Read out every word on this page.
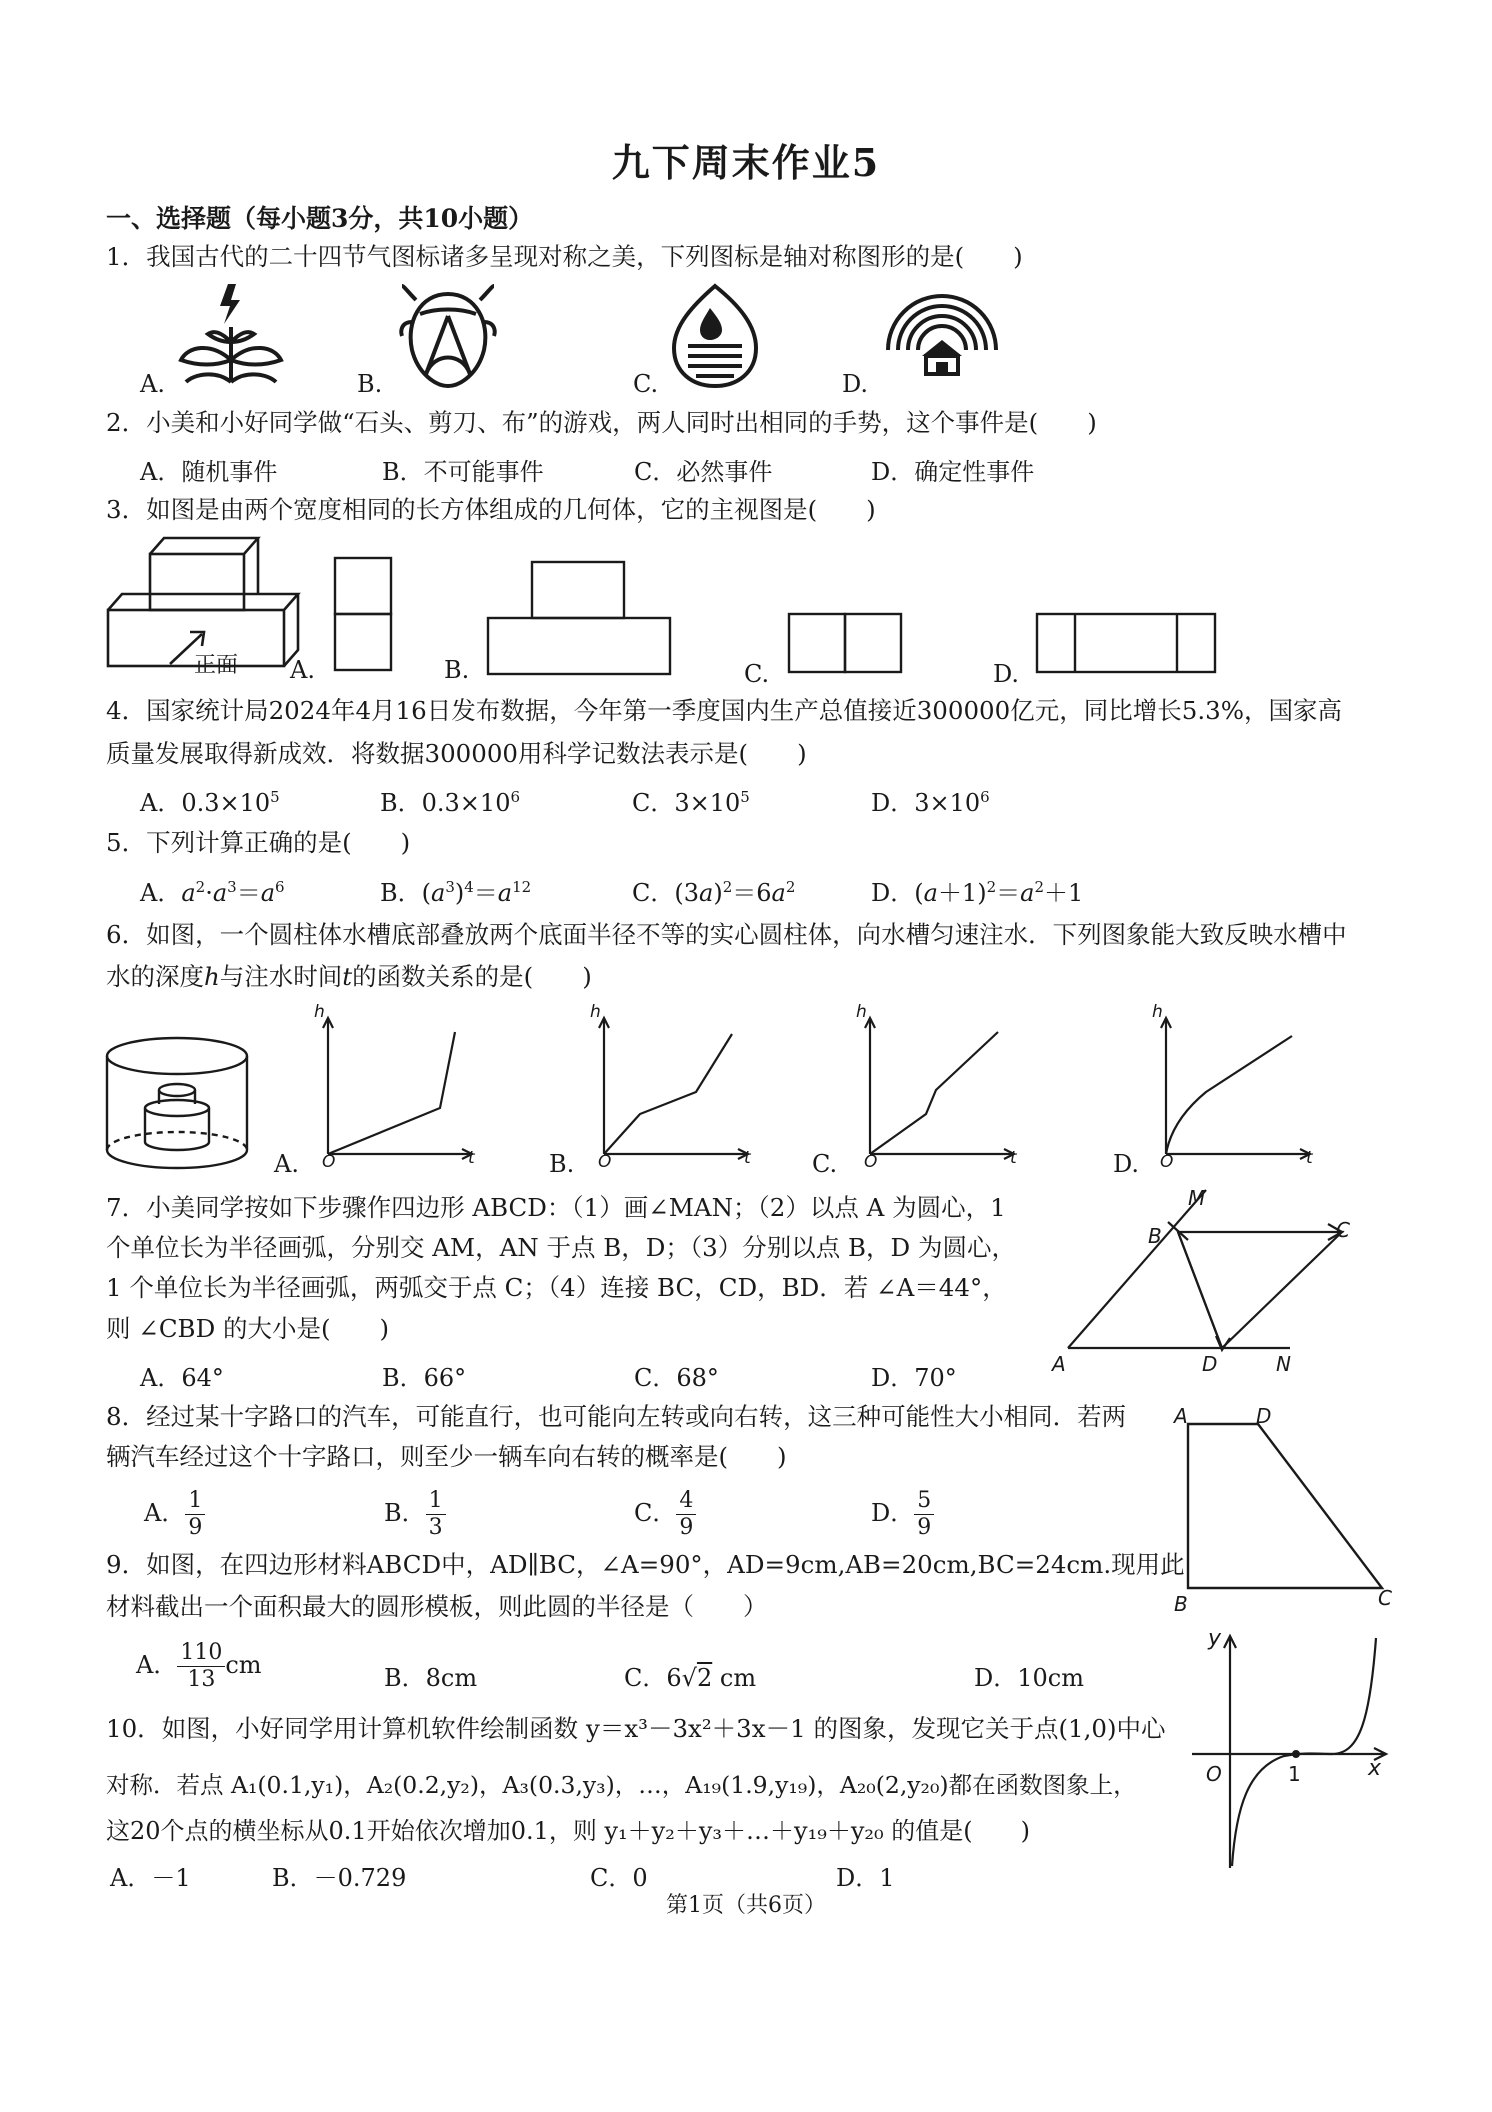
九下周末作业5
一、选择题（每小题3分，共10小题）
1．我国古代的二十四节气图标诸多呈现对称之美，下列图标是轴对称图形的是(　　)
A.	B.	C.	D.
2．小美和小好同学做“石头、剪刀、布”的游戏，两人同时出相同的手势，这个事件是(　　)
A．随机事件	B．不可能事件	C．必然事件	D．确定性事件
3．如图是由两个宽度相同的长方体组成的几何体，它的主视图是(　　)
正面 A.	B.	C.	D.
4．国家统计局2024年4月16日发布数据，今年第一季度国内生产总值接近300000亿元，同比增长5.3%，国家高
质量发展取得新成效．将数据300000用科学记数法表示是(　　)
A．$0.3\times 10^5$	B．$0.3\times 10^6$	C．$3\times 10^5$	D．$3\times 10^6$
5．下列计算正确的是(　　)
A．$a^2\cdot a^3=a^6$	B．$(a^3)^4=a^{12}$	C．$(3a)^2=6a^2$	D．$(a+1)^2=a^2+1$
6．如图，一个圆柱体水槽底部叠放两个底面半径不等的实心圆柱体，向水槽匀速注水．下列图象能大致反映水槽中
水的深度h与注水时间t的函数关系的是(　　)
h
t
O
h
t
O
h
t
O
h
t
O
A.	B.	C.	D.
7．小美同学按如下步骤作四边形 ABCD：（1）画∠MAN；（2）以点 A 为圆心，1
个单位长为半径画弧，分别交 AM，AN 于点 B，D；（3）分别以点 B，D 为圆心，
1 个单位长为半径画弧，两弧交于点 C；（4）连接 BC，CD，BD．若 ∠A＝44°，
则 ∠CBD 的大小是(　　)
A．64°	B．66°	C．68°	D．70°
M
B	C
A	D	N
8．经过某十字路口的汽车，可能直行，也可能向左转或向右转，这三种可能性大小相同．若两
辆汽车经过这个十字路口，则至少一辆车向右转的概率是(　　)
A． $\frac{1}{9}$	B． $\frac{1}{3}$	C． $\frac{4}{9}$	D． $\frac{5}{9}$
A	D
B	C
9．如图，在四边形材料ABCD中，AD∥BC，∠A=90°，AD=9cm,AB=20cm,BC=24cm.现用此
材料截出一个面积最大的圆形模板，则此圆的半径是（　　）
A． $\frac{110}{13}$ cm	B．8cm	C．6√2 cm	D．10cm
y
x
O	1
10．如图，小好同学用计算机软件绘制函数 y＝x³－3x²＋3x－1 的图象，发现它关于点(1,0)中心
对称．若点 A₁(0.1,y₁)，A₂(0.2,y₂)，A₃(0.3,y₃)，…，A₁₉(1.9,y₁₉)，A₂₀(2,y₂₀)都在函数图象上，
这20个点的横坐标从0.1开始依次增加0.1，则 y₁＋y₂＋y₃＋…＋y₁₉＋y₂₀ 的值是(　　)
A．－1	B．－0.729	C．0	D．1
第1页（共6页）
